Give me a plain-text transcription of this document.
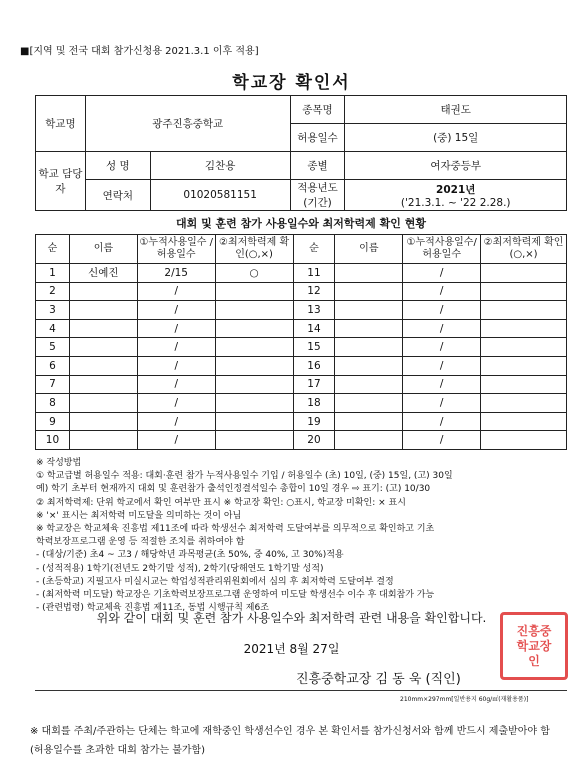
■[지역 및 전국 대회 참가신청용 2021.3.1 이후 적용]
학교장 확인서
학교명	광주진흥중학교		종목명	태권도
			허용일수	(중) 15일
학교 담당자	성 명	김찬용	종별	여자중등부
	연락처	01020581151	적용년도 (기간)	2021년
('21.3.1. ~ '22 2.28.)
대회 및 훈련 참가 사용일수와 최저학력제 확인 현황
순	이름	①누적사용일수 /허용일수	②최저학력제 확인(○,×)	순	이름	①누적사용일수/ 허용일수	②최저학력제 확인(○,×)
1	신예진	2/15	○	11		/	
2		/		12		/	
3		/		13		/	
4		/		14		/	
5		/		15		/	
6		/		16		/	
7		/		17		/	
8		/		18		/	
9		/		19		/	
10		/		20		/	
※ 작성방법
① 학교급별 허용일수 적용: 대회·훈련 참가 누적사용일수 기입 / 허용일수 (초) 10일, (중) 15일, (고) 30일
예) 학기 초부터 현재까지 대회 및 훈련참가 출석인정결석일수 총합이 10일 경우 ⇨ 표기: (고) 10/30
② 최저학력제: 단위 학교에서 확인 여부만 표시 ※ 학교장 확인: ○표시, 학교장 미확인: × 표시
※ '×' 표시는 최저학력 미도달을 의미하는 것이 아님
※ 학교장은 학교체육 진흥법 제11조에 따라 학생선수 최저학력 도달여부를 의무적으로 확인하고 기초
학력보장프로그램 운영 등 적절한 조치를 취하여야 함
- (대상/기준) 초4 ~ 고3 / 해당학년 과목평균(초 50%, 중 40%, 고 30%)적용
- (성적적용) 1학기(전년도 2학기말 성적), 2학기(당해연도 1학기말 성적)
- (초등학교) 지필고사 미실시교는 학업성적관리위원회에서 심의 후 최저학력 도달여부 결정
- (최저학력 미도달) 학교장은 기초학력보장프로그램 운영하여 미도달 학생선수 이수 후 대회참가 가능
- (관련법령) 학교체육 진흥법 제11조, 동법 시행규칙 제6조
위와 같이 대회 및 훈련 참가 사용일수와 최저학력 관련 내용을 확인합니다.
2021년 8월 27일
진흥중학교장 김 동 욱 (직인)
진흥중학교장인
210mm×297mm[일반용지 60g/㎡(재활용품)]
※ 대회를 주최/주관하는 단체는 학교에 재학중인 학생선수인 경우 본 확인서를 참가신청서와 함께 반드시 제출받아야 함(허용일수를 초과한 대회 참가는 불가함)
